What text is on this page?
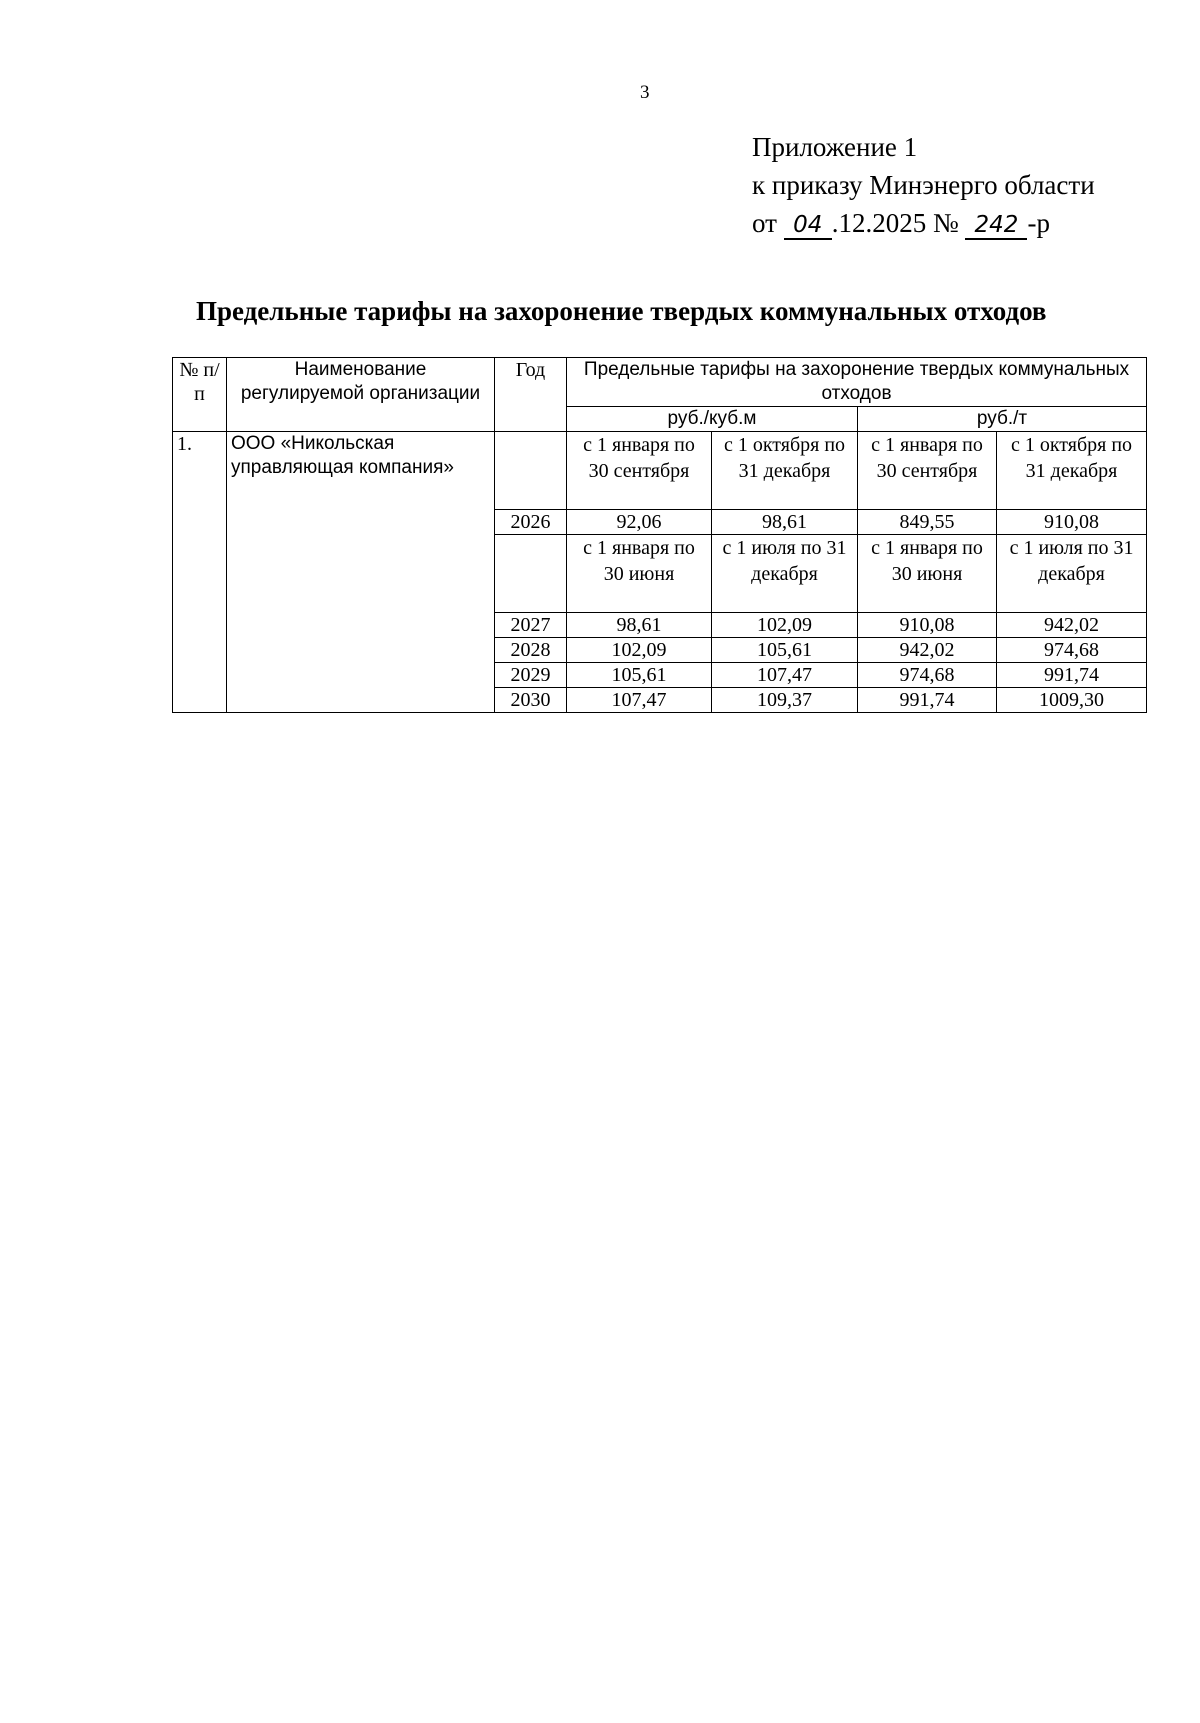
3
Приложение 1
к приказу Минэнерго области
от 04 .12.2025 № 242 -р
Предельные тарифы на захоронение твердых коммунальных отходов
№ п/п	Наименование регулируемой организации	Год	Предельные тарифы на захоронение твердых коммунальных отходов			
			руб./куб.м		руб./т	

1.	ООО «Никольская управляющая компания»		с 1 января по 30 сентября	с 1 октября по 31 декабря	с 1 января по 30 сентября	с 1 октября по 31 декабря
		2026	92,06	98,61	849,55	910,08
			с 1 января по 30 июня	с 1 июля по 31 декабря	с 1 января по 30 июня	с 1 июля по 31 декабря
		2027	98,61	102,09	910,08	942,02
		2028	102,09	105,61	942,02	974,68
		2029	105,61	107,47	974,68	991,74
		2030	107,47	109,37	991,74	1009,30
